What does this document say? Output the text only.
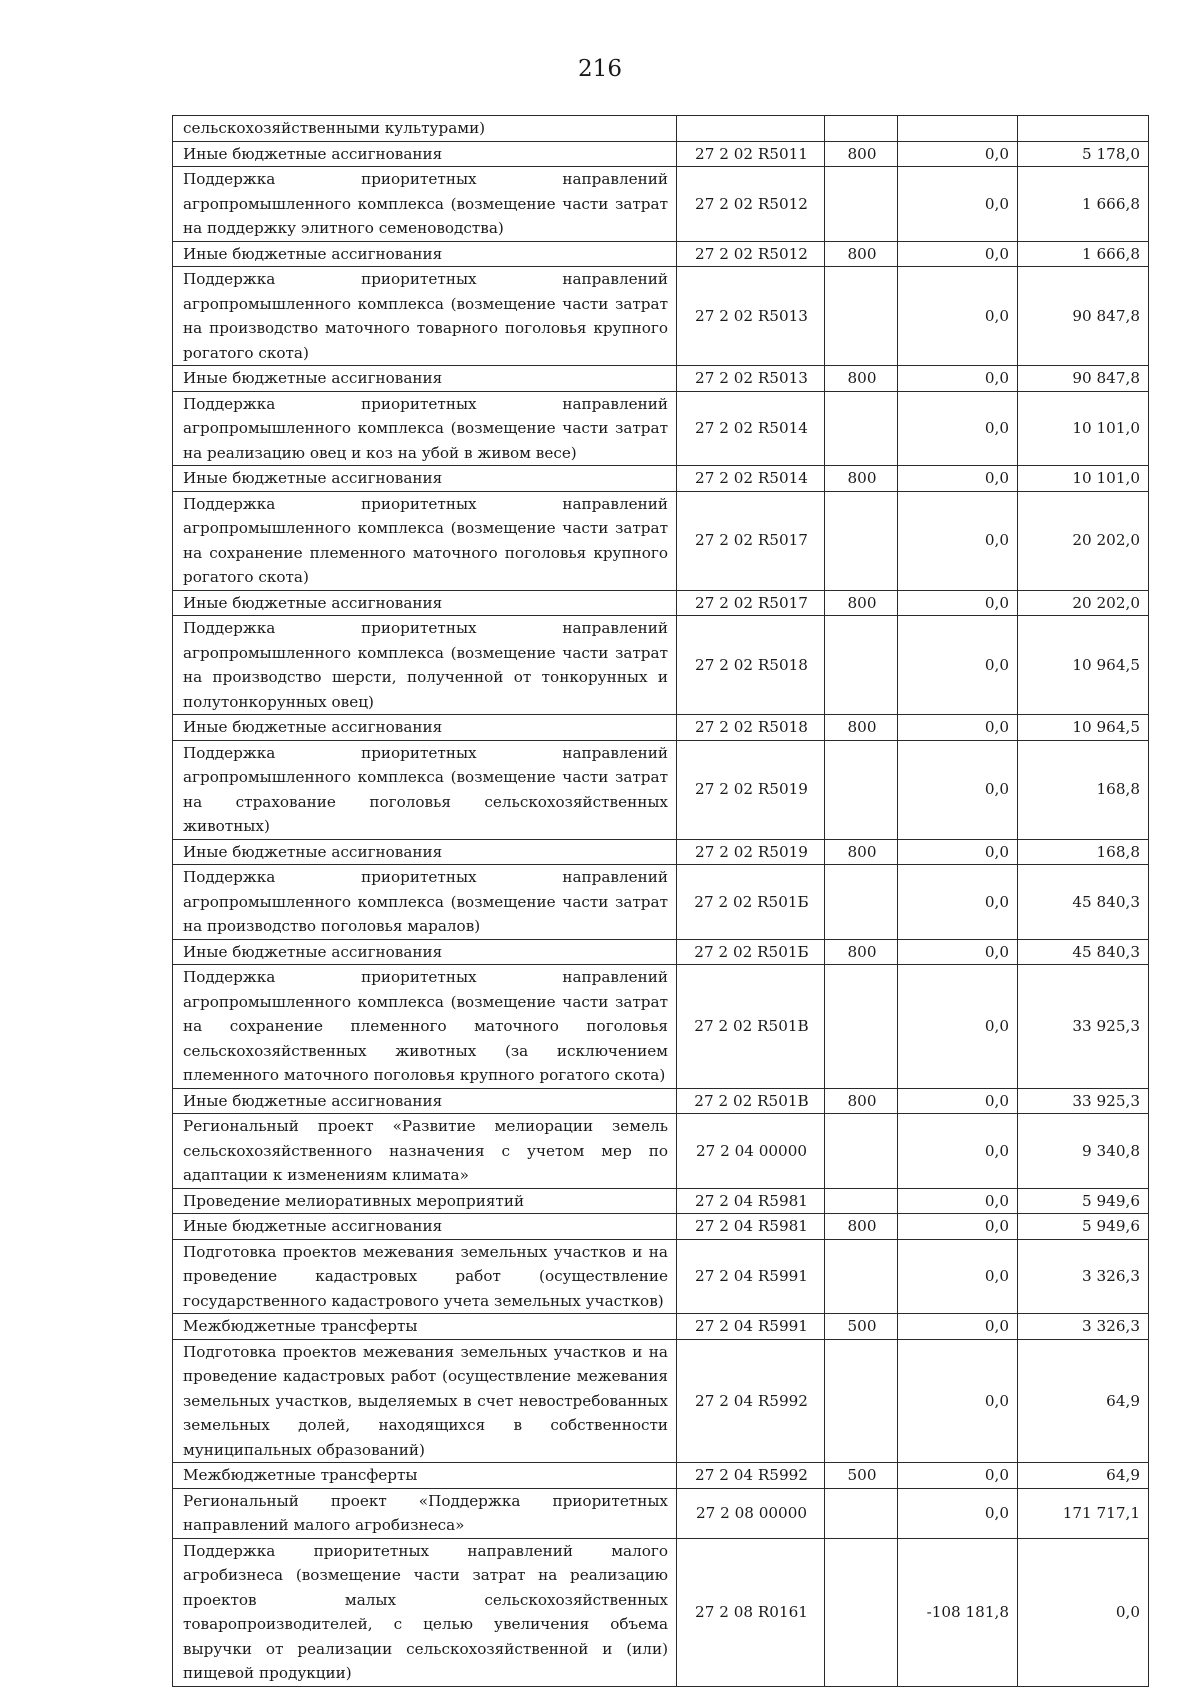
216
сельскохозяйственными культурами)				
Иные бюджетные ассигнования	27 2 02 R5011	800	0,0	5 178,0
Поддержка приоритетных направлений агропромышленного комплекса (возмещение части затрат на поддержку элитного семеноводства)	27 2 02 R5012		0,0	1 666,8
Иные бюджетные ассигнования	27 2 02 R5012	800	0,0	1 666,8
Поддержка приоритетных направлений агропромышленного комплекса (возмещение части затрат на производство маточного товарного поголовья крупного рогатого скота)	27 2 02 R5013		0,0	90 847,8
Иные бюджетные ассигнования	27 2 02 R5013	800	0,0	90 847,8
Поддержка приоритетных направлений агропромышленного комплекса (возмещение части затрат на реализацию овец и коз на убой в живом весе)	27 2 02 R5014		0,0	10 101,0
Иные бюджетные ассигнования	27 2 02 R5014	800	0,0	10 101,0
Поддержка приоритетных направлений агропромышленного комплекса (возмещение части затрат на сохранение племенного маточного поголовья крупного рогатого скота)	27 2 02 R5017		0,0	20 202,0
Иные бюджетные ассигнования	27 2 02 R5017	800	0,0	20 202,0
Поддержка приоритетных направлений агропромышленного комплекса (возмещение части затрат на производство шерсти, полученной от тонкорунных и полутонкорунных овец)	27 2 02 R5018		0,0	10 964,5
Иные бюджетные ассигнования	27 2 02 R5018	800	0,0	10 964,5
Поддержка приоритетных направлений агропромышленного комплекса (возмещение части затрат на страхование поголовья сельскохозяйственных животных)	27 2 02 R5019		0,0	168,8
Иные бюджетные ассигнования	27 2 02 R5019	800	0,0	168,8
Поддержка приоритетных направлений агропромышленного комплекса (возмещение части затрат на производство поголовья маралов)	27 2 02 R501Б		0,0	45 840,3
Иные бюджетные ассигнования	27 2 02 R501Б	800	0,0	45 840,3
Поддержка приоритетных направлений агропромышленного комплекса (возмещение части затрат на сохранение племенного маточного поголовья сельскохозяйственных животных (за исключением племенного маточного поголовья крупного рогатого скота)	27 2 02 R501В		0,0	33 925,3
Иные бюджетные ассигнования	27 2 02 R501В	800	0,0	33 925,3
Региональный проект «Развитие мелиорации земель сельскохозяйственного назначения с учетом мер по адаптации к изменениям климата»	27 2 04 00000		0,0	9 340,8
Проведение мелиоративных мероприятий	27 2 04 R5981		0,0	5 949,6
Иные бюджетные ассигнования	27 2 04 R5981	800	0,0	5 949,6
Подготовка проектов межевания земельных участков и на проведение кадастровых работ (осуществление государственного кадастрового учета земельных участков)	27 2 04 R5991		0,0	3 326,3
Межбюджетные трансферты	27 2 04 R5991	500	0,0	3 326,3
Подготовка проектов межевания земельных участков и на проведение кадастровых работ (осуществление межевания земельных участков, выделяемых в счет невостребованных земельных долей, находящихся в собственности муниципальных образований)	27 2 04 R5992		0,0	64,9
Межбюджетные трансферты	27 2 04 R5992	500	0,0	64,9
Региональный проект «Поддержка приоритетных направлений малого агробизнеса»	27 2 08 00000		0,0	171 717,1
Поддержка приоритетных направлений малого агробизнеса (возмещение части затрат на реализацию проектов малых сельскохозяйственных товаропроизводителей, с целью увеличения объема выручки от реализации сельскохозяйственной и (или) пищевой продукции)	27 2 08 R0161		-108 181,8	0,0
